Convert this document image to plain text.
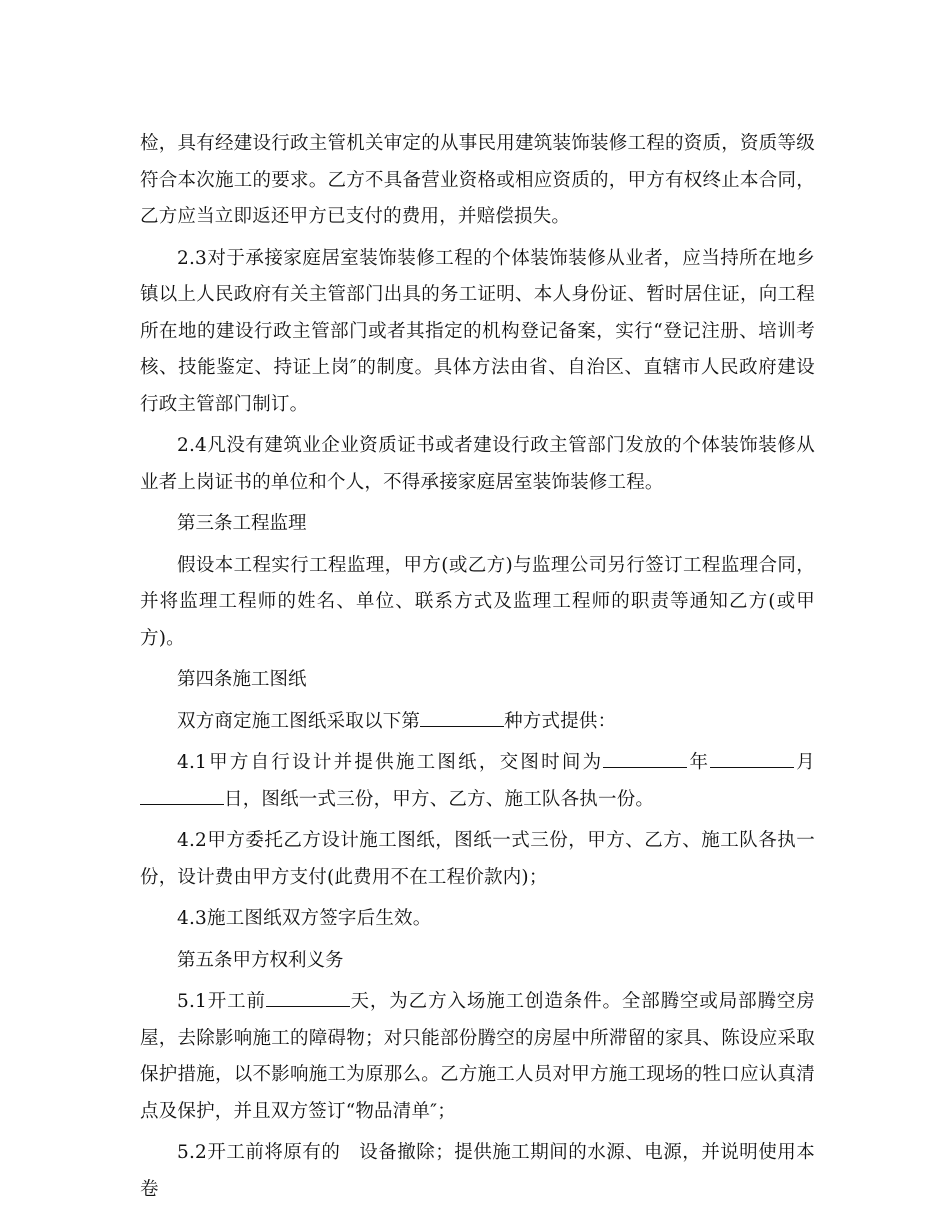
检，具有经建设行政主管机关审定的从事民用建筑装饰装修工程的资质，资质等级符合本次施工的要求。乙方不具备营业资格或相应资质的，甲方有权终止本合同，乙方应当立即返还甲方已支付的费用，并赔偿损失。

2.3对于承接家庭居室装饰装修工程的个体装饰装修从业者，应当持所在地乡镇以上人民政府有关主管部门出具的务工证明、本人身份证、暂时居住证，向工程所在地的建设行政主管部门或者其指定的机构登记备案，实行“登记注册、培训考核、技能鉴定、持证上岗″的制度。具体方法由省、自治区、直辖市人民政府建设行政主管部门制订。

2.4凡没有建筑业企业资质证书或者建设行政主管部门发放的个体装饰装修从业者上岗证书的单位和个人，不得承接家庭居室装饰装修工程。

第三条工程监理

假设本工程实行工程监理，甲方(或乙方)与监理公司另行签订工程监理合同，并将监理工程师的姓名、单位、联系方式及监理工程师的职责等通知乙方(或甲方)。

第四条施工图纸

双方商定施工图纸采取以下第	种方式提供：

4.1甲方自行设计并提供施工图纸，交图时间为	年	月日，图纸一式三份，甲方、乙方、施工队各执一份。

4.2甲方委托乙方设计施工图纸，图纸一式三份，甲方、乙方、施工队各执一份，设计费由甲方支付(此费用不在工程价款内)；

4.3施工图纸双方签字后生效。

第五条甲方权利义务

5.1开工前	天，为乙方入场施工创造条件。全部腾空或局部腾空房屋，去除影响施工的障碍物；对只能部份腾空的房屋中所滞留的家具、陈设应采取保护措施，以不影响施工为原那么。乙方施工人员对甲方施工现场的牲口应认真清点及保护，并且双方签订“物品清单″；

5.2开工前将原有的　设备撤除；提供施工期间的水源、电源，并说明使用本卷
